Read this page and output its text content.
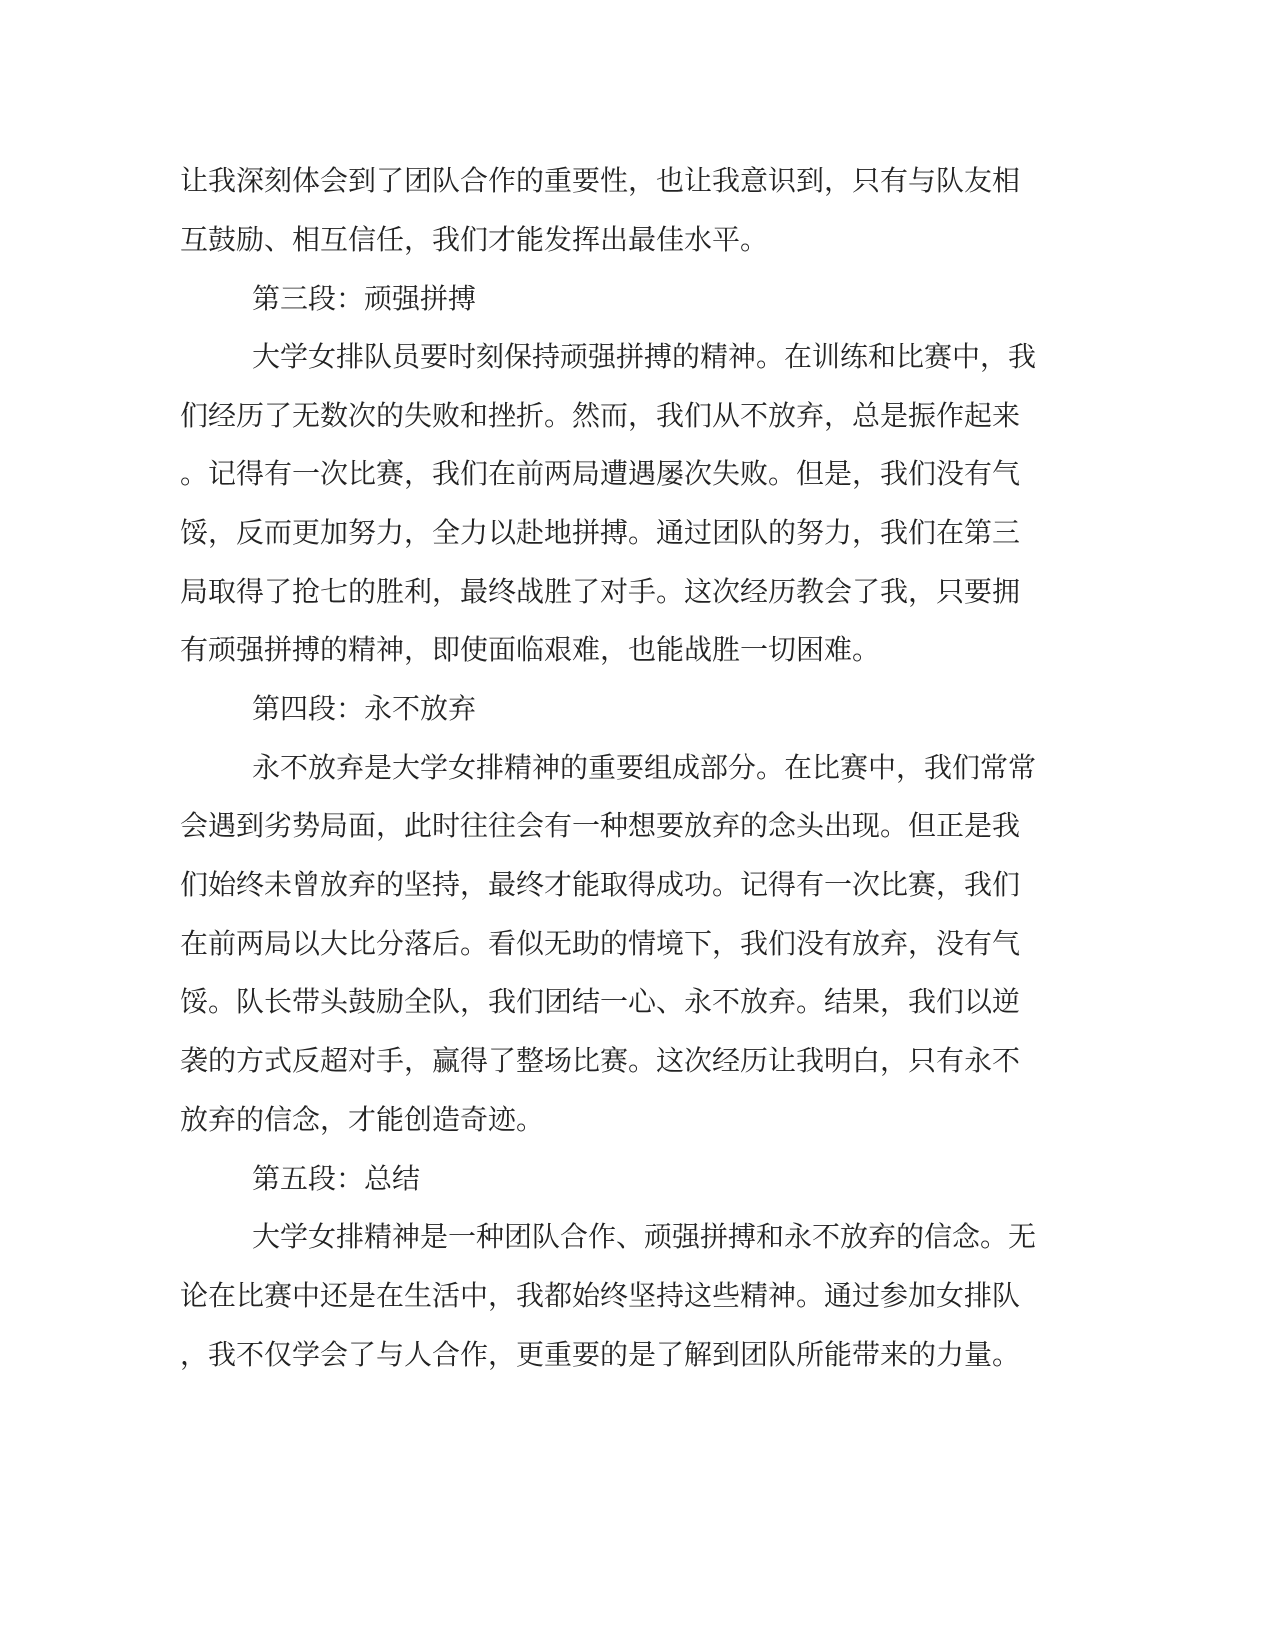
让我深刻体会到了团队合作的重要性，也让我意识到，只有与队友相
互鼓励、相互信任，我们才能发挥出最佳水平。
第三段：顽强拼搏
大学女排队员要时刻保持顽强拼搏的精神。在训练和比赛中，我
们经历了无数次的失败和挫折。然而，我们从不放弃，总是振作起来
。记得有一次比赛，我们在前两局遭遇屡次失败。但是，我们没有气
馁，反而更加努力，全力以赴地拼搏。通过团队的努力，我们在第三
局取得了抢七的胜利，最终战胜了对手。这次经历教会了我，只要拥
有顽强拼搏的精神，即使面临艰难，也能战胜一切困难。
第四段：永不放弃
永不放弃是大学女排精神的重要组成部分。在比赛中，我们常常
会遇到劣势局面，此时往往会有一种想要放弃的念头出现。但正是我
们始终未曾放弃的坚持，最终才能取得成功。记得有一次比赛，我们
在前两局以大比分落后。看似无助的情境下，我们没有放弃，没有气
馁。队长带头鼓励全队，我们团结一心、永不放弃。结果，我们以逆
袭的方式反超对手，赢得了整场比赛。这次经历让我明白，只有永不
放弃的信念，才能创造奇迹。
第五段：总结
大学女排精神是一种团队合作、顽强拼搏和永不放弃的信念。无
论在比赛中还是在生活中，我都始终坚持这些精神。通过参加女排队
，我不仅学会了与人合作，更重要的是了解到团队所能带来的力量。
